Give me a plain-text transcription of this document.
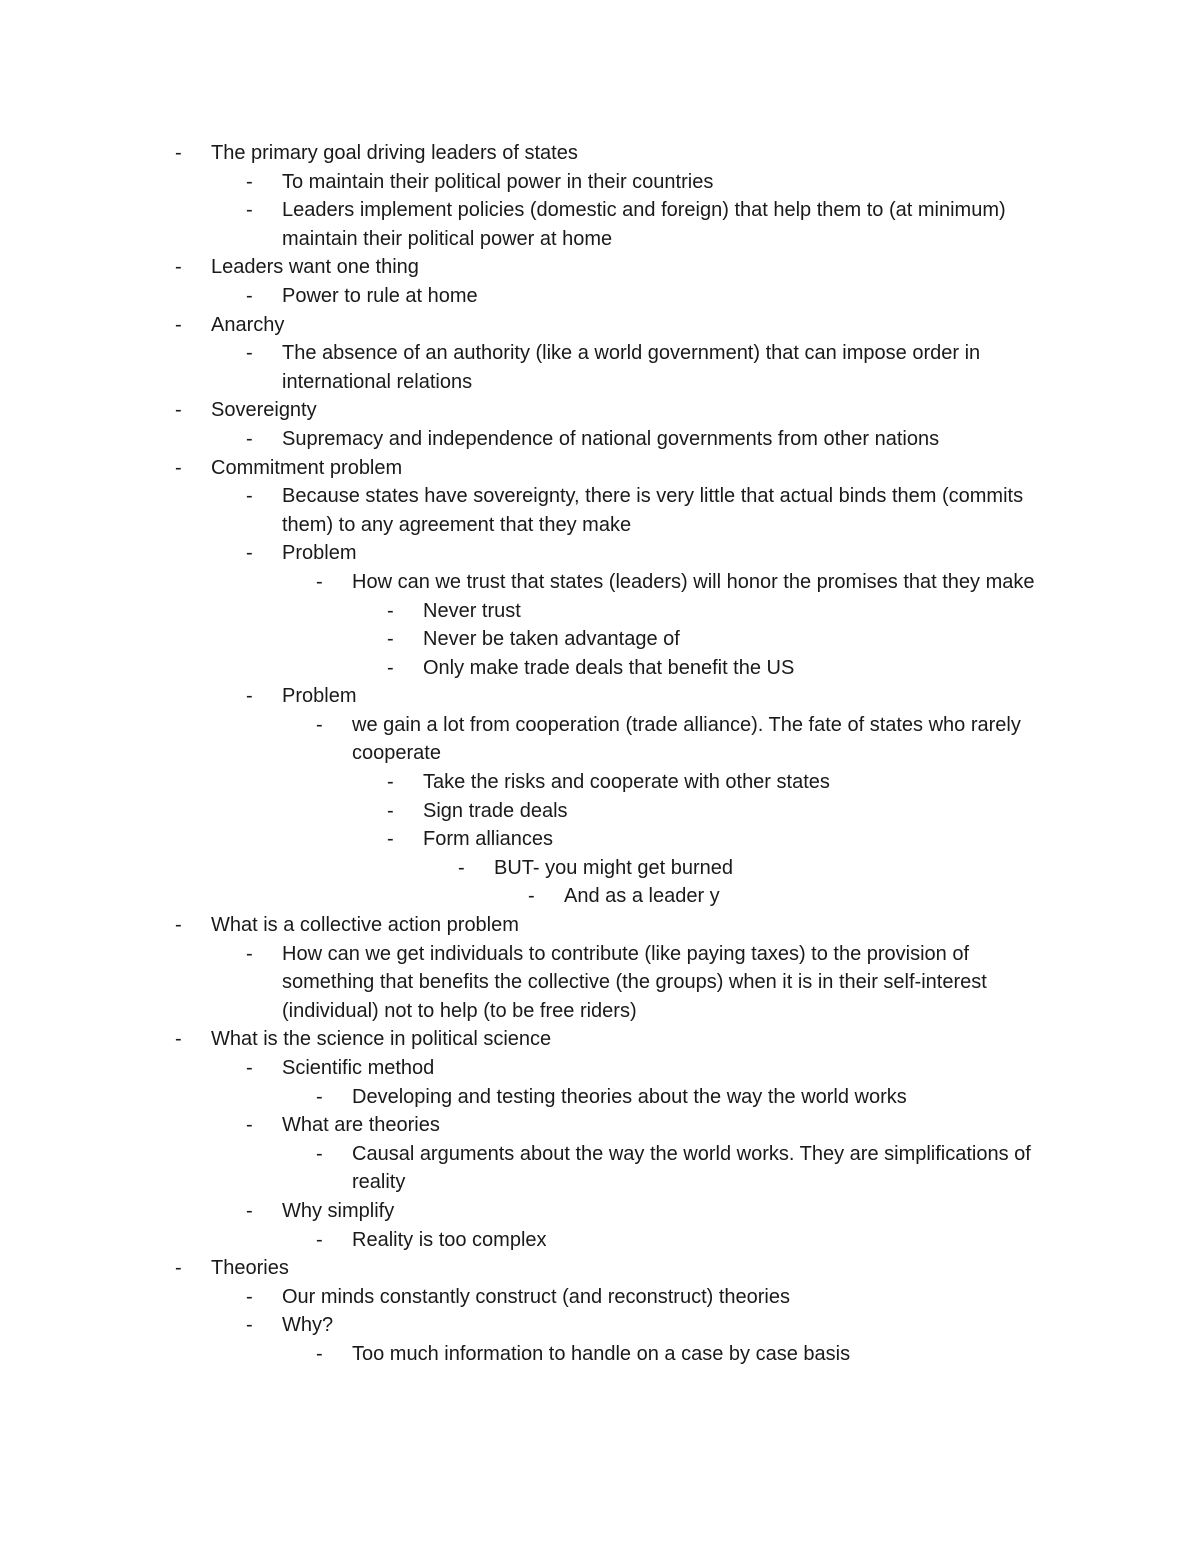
- The primary goal driving leaders of states
- To maintain their political power in their countries
- Leaders implement policies (domestic and foreign) that help them to (at minimum) maintain their political power at home
- Leaders want one thing
- Power to rule at home
- Anarchy
- The absence of an authority (like a world government) that can impose order in international relations
- Sovereignty
- Supremacy and independence of national governments from other nations
- Commitment problem
- Because states have sovereignty, there is very little that actual binds them (commits them) to any agreement that they make
- Problem
- How can we trust that states (leaders) will honor the promises that they make
- Never trust
- Never be taken advantage of
- Only make trade deals that benefit the US
- Problem
- we gain a lot from cooperation (trade alliance). The fate of states who rarely cooperate
- Take the risks and cooperate with other states
- Sign trade deals
- Form alliances
- BUT- you might get burned
- And as a leader y
- What is a collective action problem
- How can we get individuals to contribute (like paying taxes) to the provision of something that benefits the collective (the groups) when it is in their self-interest (individual) not to help (to be free riders)
- What is the science in political science
- Scientific method
- Developing and testing theories about the way the world works
- What are theories
- Causal arguments about the way the world works. They are simplifications of reality
- Why simplify
- Reality is too complex
- Theories
- Our minds constantly construct (and reconstruct) theories
- Why?
- Too much information to handle on a case by case basis
